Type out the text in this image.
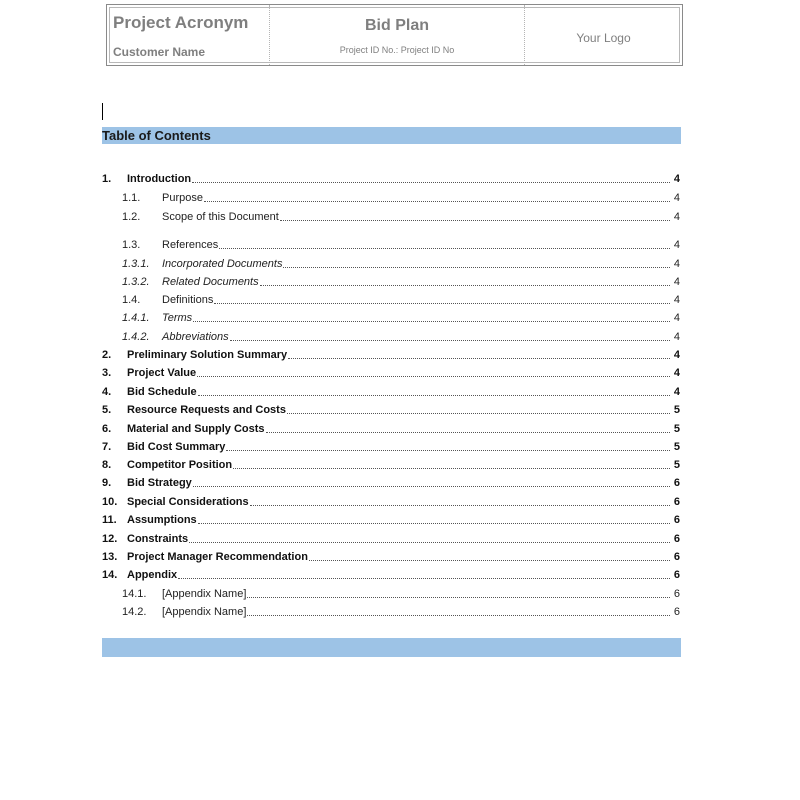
Project Acronym
Customer Name
Bid Plan
Project ID No.: Project ID No
Your Logo
Table of Contents
1.	Introduction	4
1.1.	Purpose	4
1.2.	Scope of this Document	4
1.3.	References	4
1.3.1.	Incorporated Documents	4
1.3.2.	Related Documents	4
1.4.	Definitions	4
1.4.1.	Terms	4
1.4.2.	Abbreviations	4
2.	Preliminary Solution Summary	4
3.	Project Value	4
4.	Bid Schedule	4
5.	Resource Requests and Costs	5
6.	Material and Supply Costs	5
7.	Bid Cost Summary	5
8.	Competitor Position	5
9.	Bid Strategy	6
10. Special Considerations	6
11. Assumptions	6
12. Constraints	6
13. Project Manager Recommendation	6
14. Appendix	6
14.1.	[Appendix Name]	6
14.2.	[Appendix Name]	6
